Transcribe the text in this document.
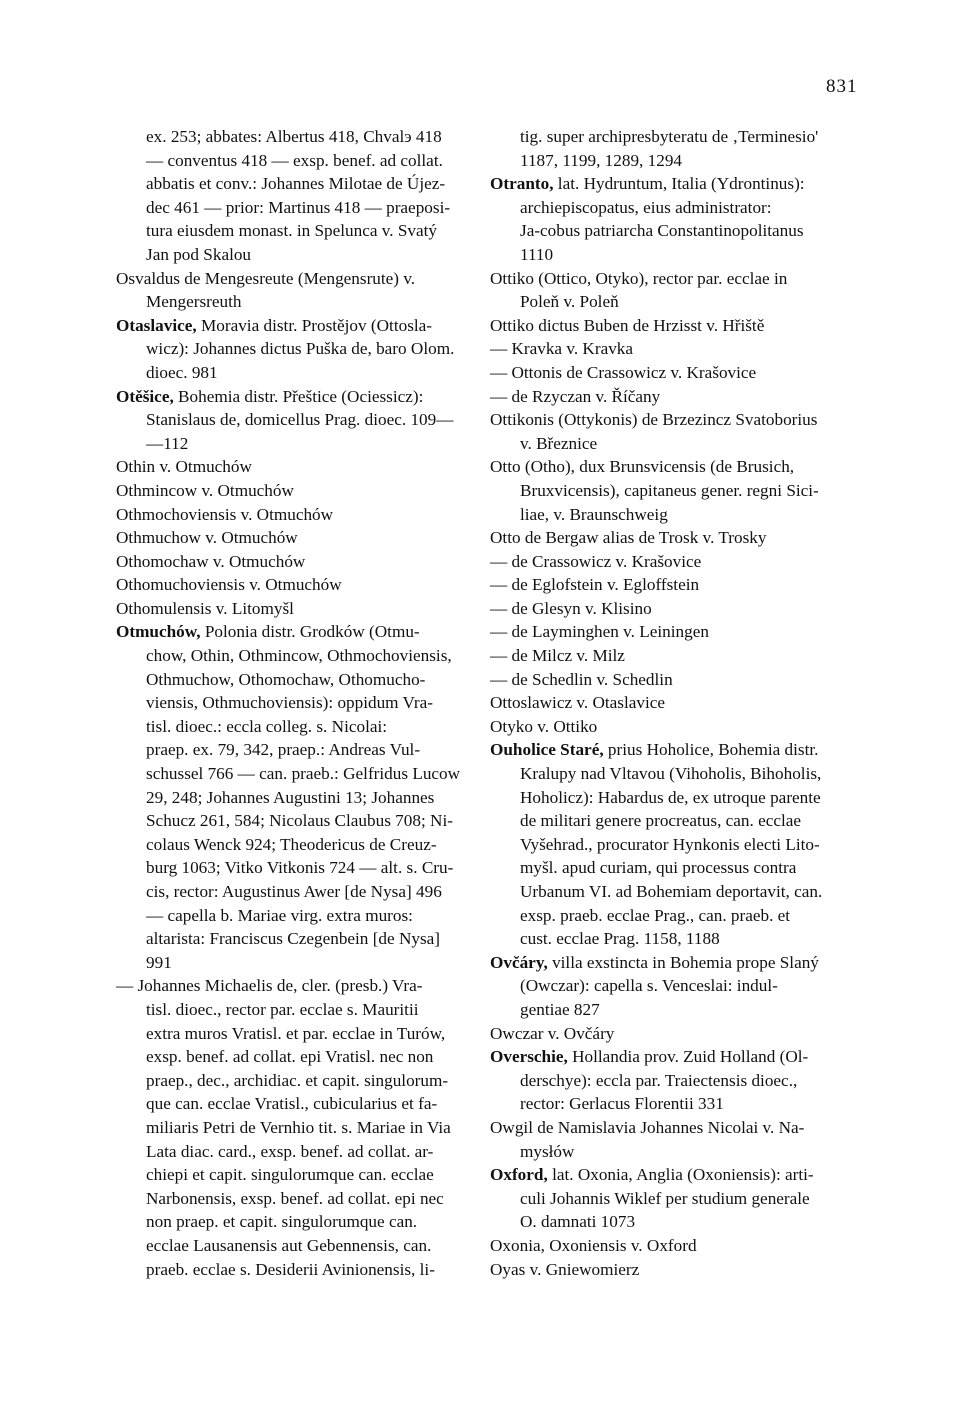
831
ex. 253; abbates: Albertus 418, Chvalэ 418
— conventus 418 — exsp. benef. ad collat.
abbatis et conv.: Johannes Milotae de Újez-
dec 461 — prior: Martinus 418 — praeposi-
tura eiusdem monast. in Spelunca v. Svatý
Jan pod Skalou
Osvaldus de Mengesreute (Mengensrute) v.
Mengersreuth
Otaslavice, Moravia distr. Prostějov (Ottosla-
wicz): Johannes dictus Puška de, baro Olom.
dioec. 981
Otěšice, Bohemia distr. Přeštice (Ociessicz):
Stanislaus de, domicellus Prag. dioec. 109—
—112
Othin v. Otmuchów
Othmincow v. Otmuchów
Othmochoviensis v. Otmuchów
Othmuchow v. Otmuchów
Othomochaw v. Otmuchów
Othomuchoviensis v. Otmuchów
Othomulensis v. Litomyšl
Otmuchów, Polonia distr. Grodków (Otmu-
chow, Othin, Othmincow, Othmochoviensis,
Othmuchow, Othomochaw, Othomucho-
viensis, Othmuchoviensis): oppidum Vra-
tisl. dioec.: eccla colleg. s. Nicolai:
praep. ex. 79, 342, praep.: Andreas Vul-
schussel 766 — can. praeb.: Gelfridus Lucow
29, 248; Johannes Augustini 13; Johannes
Schucz 261, 584; Nicolaus Claubus 708; Ni-
colaus Wenck 924; Theodericus de Creuz-
burg 1063; Vitko Vitkonis 724 — alt. s. Cru-
cis, rector: Augustinus Awer [de Nysa] 496
— capella b. Mariae virg. extra muros:
altarista: Franciscus Czegenbein [de Nysa]
991
— Johannes Michaelis de, cler. (presb.) Vra-
tisl. dioec., rector par. ecclae s. Mauritii
extra muros Vratisl. et par. ecclae in Turów,
exsp. benef. ad collat. epi Vratisl. nec non
praep., dec., archidiac. et capit. singulorum-
que can. ecclae Vratisl., cubicularius et fa-
miliaris Petri de Vernhio tit. s. Mariae in Via
Lata diac. card., exsp. benef. ad collat. ar-
chiepi et capit. singulorumque can. ecclae
Narbonensis, exsp. benef. ad collat. epi nec
non praep. et capit. singulorumque can.
ecclae Lausanensis aut Gebennensis, can.
praeb. ecclae s. Desiderii Avinionensis, li-
tig. super archipresbyteratu de ‚Terminesio'
1187, 1199, 1289, 1294
Otranto, lat. Hydruntum, Italia (Ydrontinus):
archiepiscopatus, eius administrator:
Ja-cobus patriarcha Constantinopolitanus
1110
Ottiko (Ottico, Otyko), rector par. ecclae in
Poleň v. Poleň
Ottiko dictus Buben de Hrzisst v. Hřiště
— Kravka v. Kravka
— Ottonis de Crassowicz v. Krašovice
— de Rzyczan v. Říčany
Ottikonis (Ottykonis) de Brzezincz Svatoborius
v. Březnice
Otto (Otho), dux Brunsvicensis (de Brusich,
Bruxvicensis), capitaneus gener. regni Sici-
liae, v. Braunschweig
Otto de Bergaw alias de Trosk v. Trosky
— de Crassowicz v. Krašovice
— de Eglofstein v. Egloffstein
— de Glesyn v. Klisino
— de Layminghen v. Leiningen
— de Milcz v. Milz
— de Schedlin v. Schedlin
Ottoslawicz v. Otaslavice
Otyko v. Ottiko
Ouholice Staré, prius Hoholice, Bohemia distr.
Kralupy nad Vltavou (Vihoholis, Bihoholis,
Hoholicz): Habardus de, ex utroque parente
de militari genere procreatus, can. ecclae
Vyšehrad., procurator Hynkonis electi Lito-
myšl. apud curiam, qui processus contra
Urbanum VI. ad Bohemiam deportavit, can.
exsp. praeb. ecclae Prag., can. praeb. et
cust. ecclae Prag. 1158, 1188
Ovčáry, villa exstincta in Bohemia prope Slaný
(Owczar): capella s. Venceslai: indul-
gentiae 827
Owczar v. Ovčáry
Overschie, Hollandia prov. Zuid Holland (Ol-
derschye): eccla par. Traiectensis dioec.,
rector: Gerlacus Florentii 331
Owgil de Namislavia Johannes Nicolai v. Na-
mysłów
Oxford, lat. Oxonia, Anglia (Oxoniensis): arti-
culi Johannis Wiklef per studium generale
O. damnati 1073
Oxonia, Oxoniensis v. Oxford
Oyas v. Gniewomierz
